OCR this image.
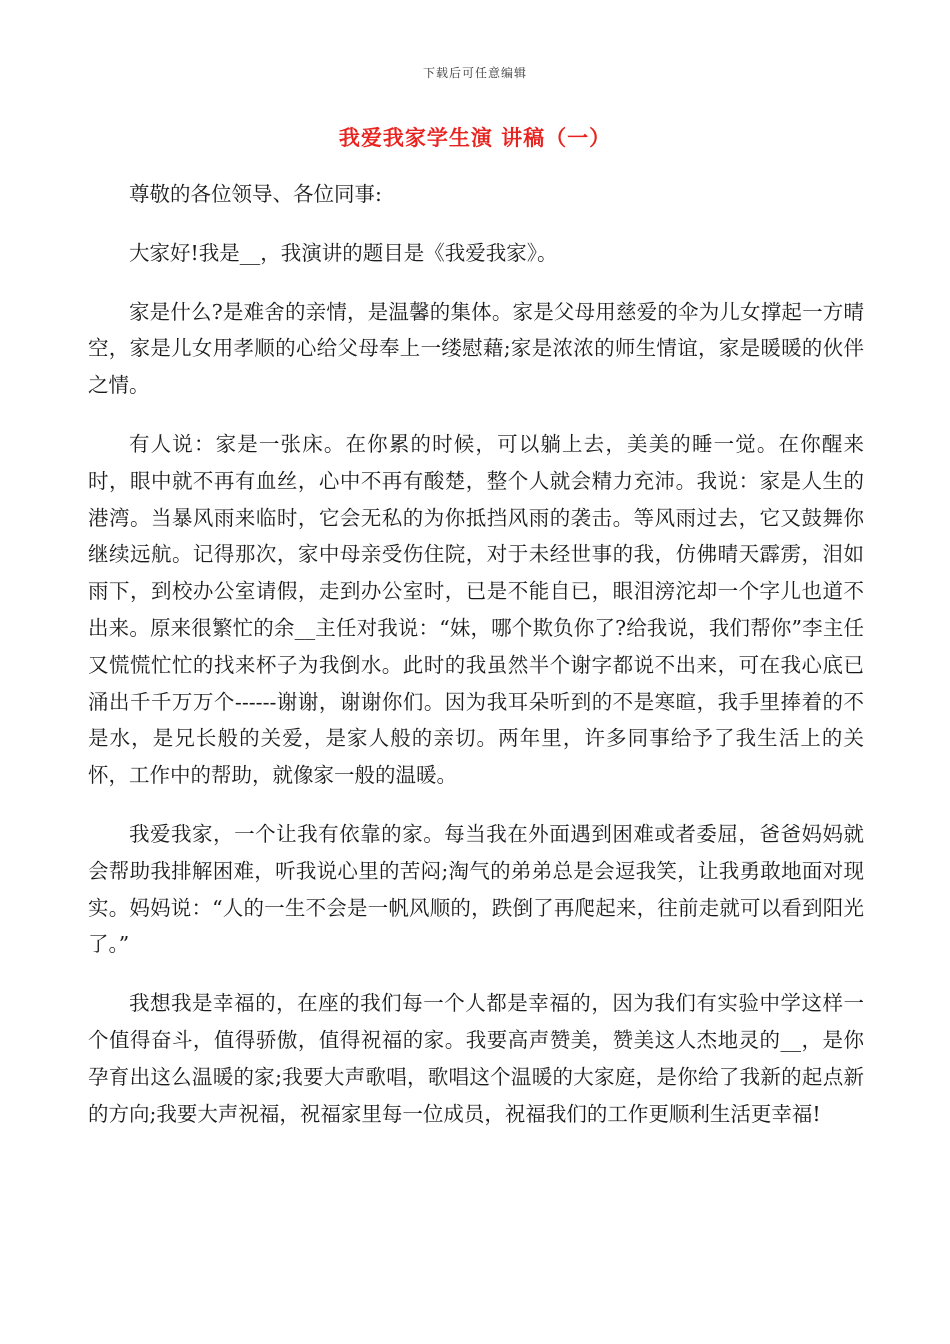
下载后可任意编辑
我爱我家学生演 讲稿（一）

尊敬的各位领导、各位同事:

大家好!我是__，我演讲的题目是《我爱我家》。

家是什么?是难舍的亲情，是温馨的集体。家是父母用慈爱的伞为儿女撑起一方晴空，家是儿女用孝顺的心给父母奉上一缕慰藉;家是浓浓的师生情谊，家是暖暖的伙伴之情。

有人说：家是一张床。在你累的时候，可以躺上去，美美的睡一觉。在你醒来时，眼中就不再有血丝，心中不再有酸楚，整个人就会精力充沛。我说：家是人生的港湾。当暴风雨来临时，它会无私的为你抵挡风雨的袭击。等风雨过去，它又鼓舞你继续远航。记得那次，家中母亲受伤住院，对于未经世事的我，仿佛晴天霹雳，泪如雨下，到校办公室请假，走到办公室时，已是不能自已，眼泪滂沱却一个字儿也道不出来。原来很繁忙的余__主任对我说：“妹，哪个欺负你了?给我说，我们帮你”李主任又慌慌忙忙的找来杯子为我倒水。此时的我虽然半个谢字都说不出来，可在我心底已涌出千千万万个------谢谢，谢谢你们。因为我耳朵听到的不是寒暄，我手里捧着的不是水，是兄长般的关爱，是家人般的亲切。两年里，许多同事给予了我生活上的关怀，工作中的帮助，就像家一般的温暖。

我爱我家，一个让我有依靠的家。每当我在外面遇到困难或者委屈，爸爸妈妈就会帮助我排解困难，听我说心里的苦闷;淘气的弟弟总是会逗我笑，让我勇敢地面对现实。妈妈说：“人的一生不会是一帆风顺的，跌倒了再爬起来，往前走就可以看到阳光了。”

我想我是幸福的，在座的我们每一个人都是幸福的，因为我们有实验中学这样一个值得奋斗，值得骄傲，值得祝福的家。我要高声赞美，赞美这人杰地灵的__，是你孕育出这么温暖的家;我要大声歌唱，歌唱这个温暖的大家庭，是你给了我新的起点新的方向;我要大声祝福，祝福家里每一位成员，祝福我们的工作更顺利生活更幸福!
